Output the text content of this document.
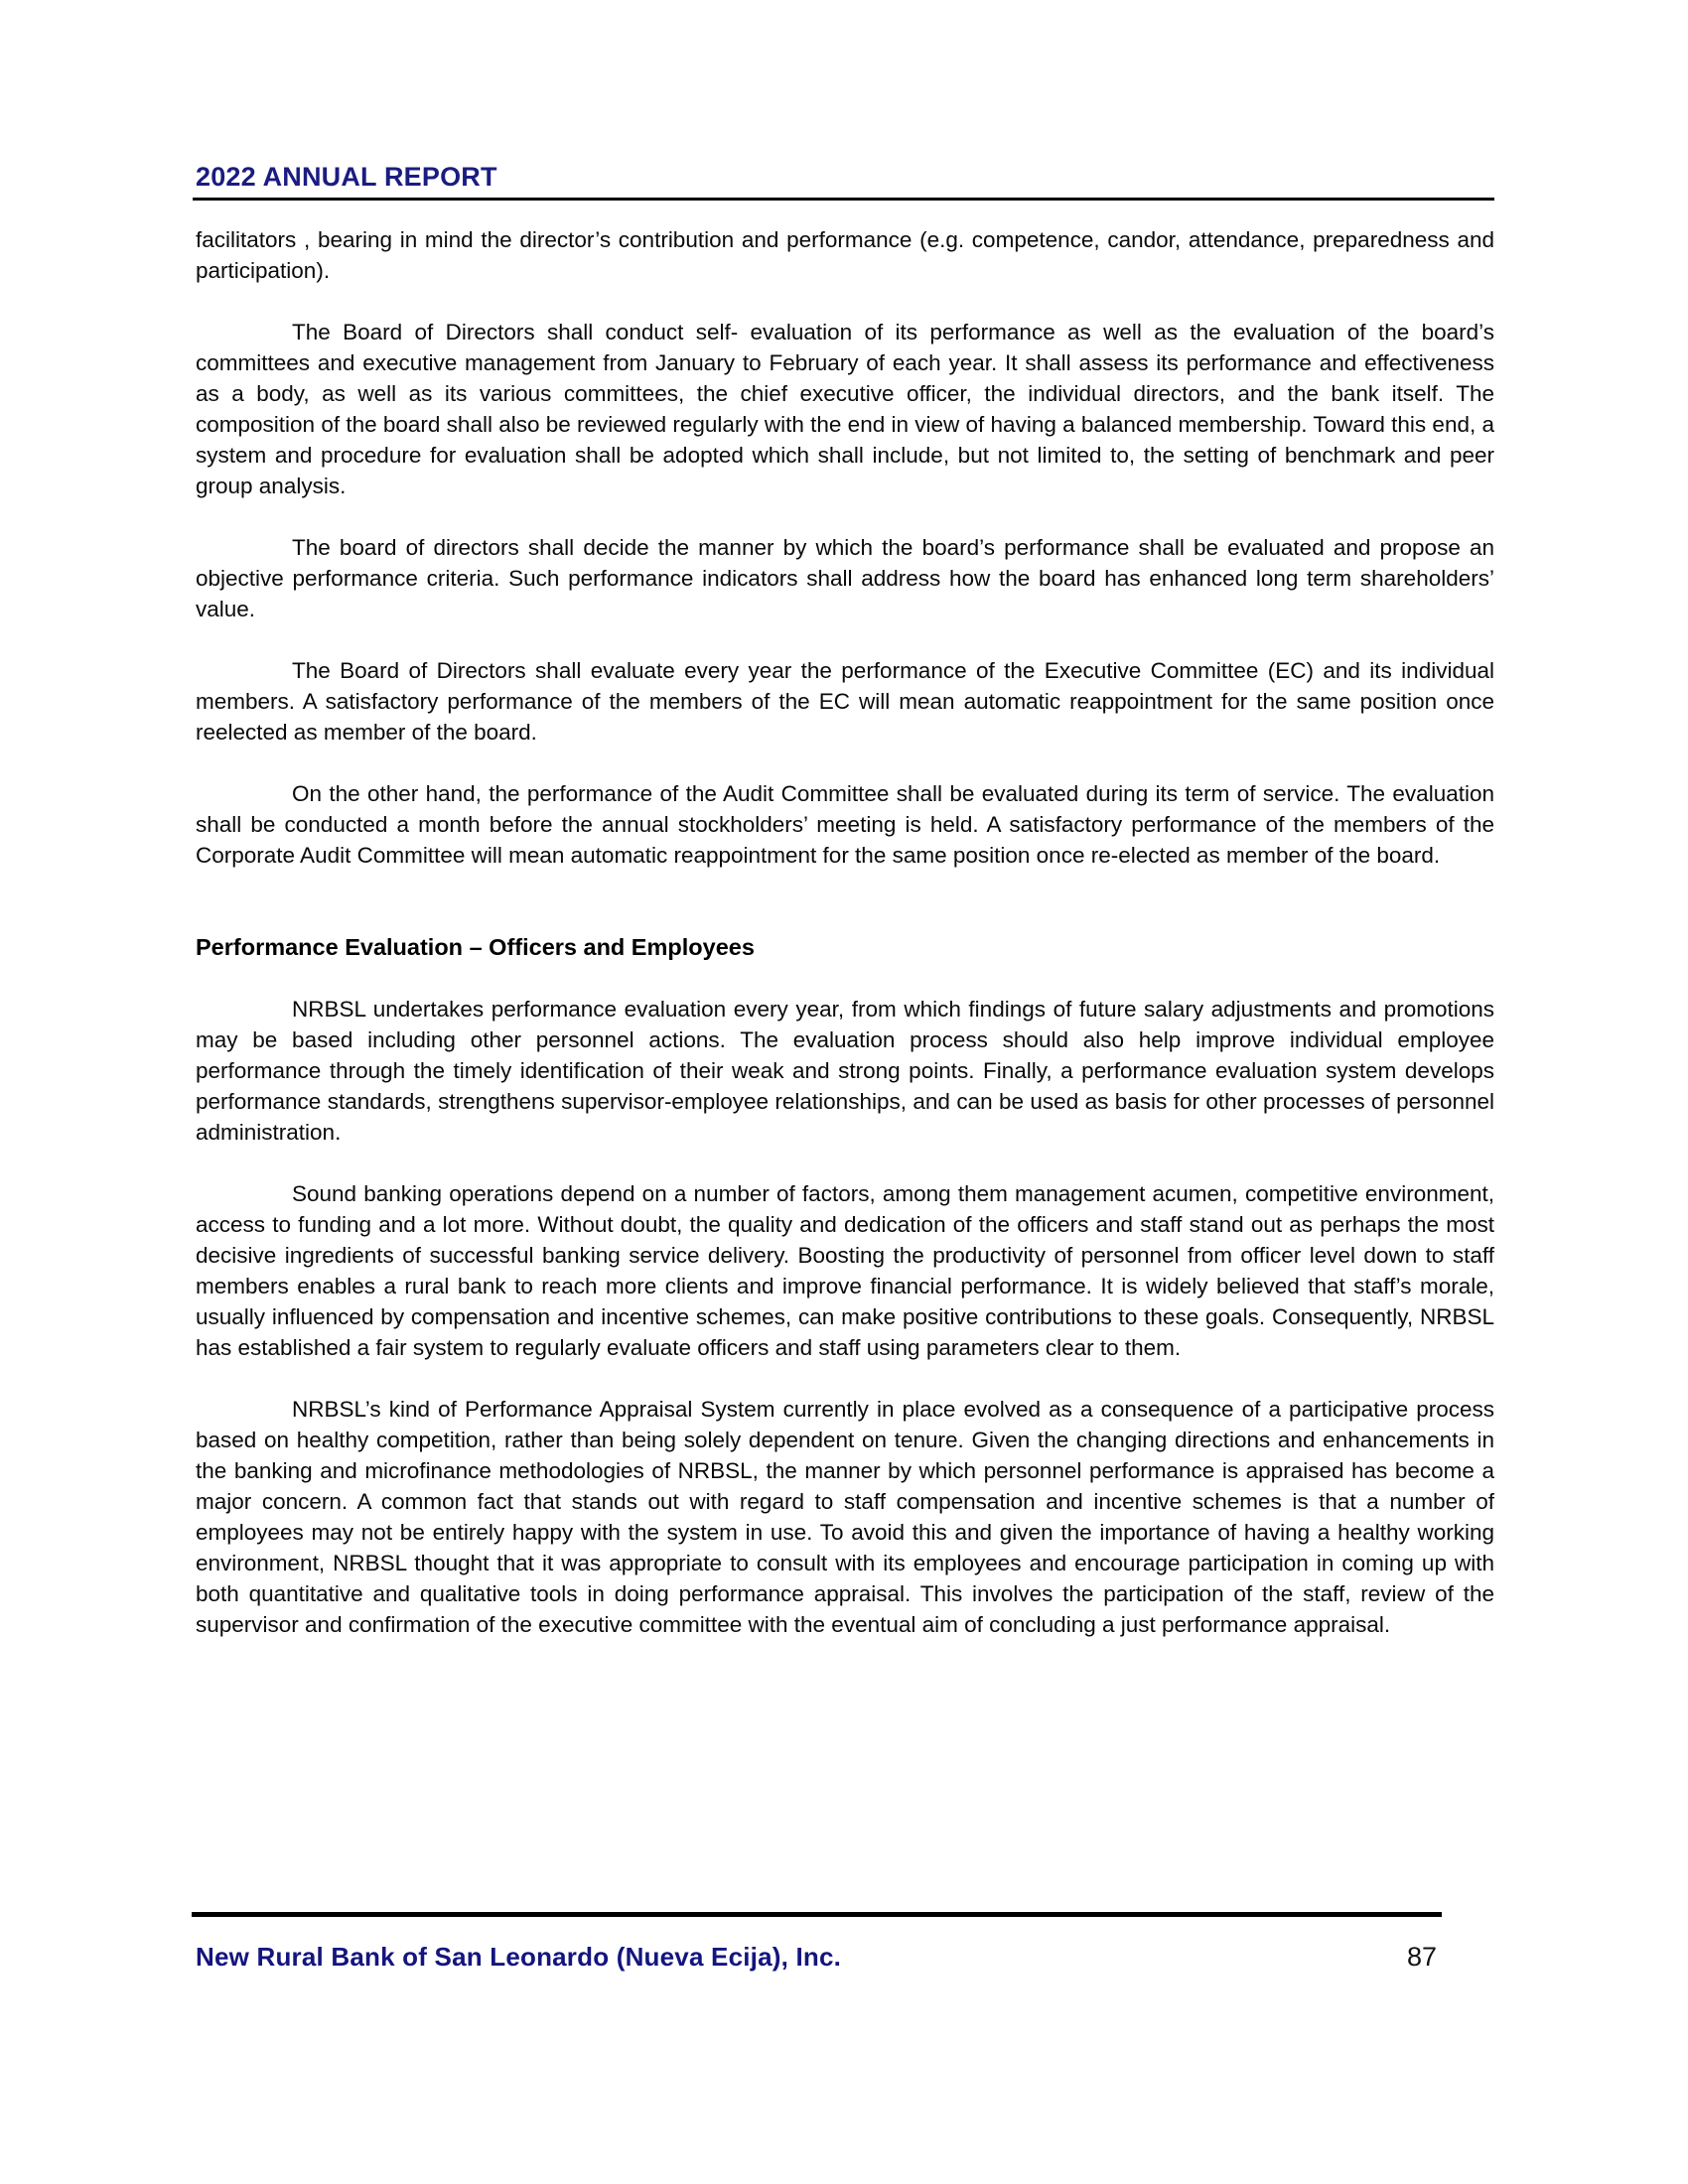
2022 ANNUAL REPORT

facilitators , bearing in mind the director’s contribution and performance (e.g. competence, candor, attendance, preparedness and participation).

The Board of Directors shall conduct self- evaluation of its performance as well as the evaluation of the board’s committees and executive management from January to February of each year. It shall assess its performance and effectiveness as a body, as well as its various committees, the chief executive officer, the individual directors, and the bank itself. The composition of the board shall also be reviewed regularly with the end in view of having a balanced membership. Toward this end, a system and procedure for evaluation shall be adopted which shall include, but not limited to, the setting of benchmark and peer group analysis.

The board of directors shall decide the manner by which the board’s performance shall be evaluated and propose an objective performance criteria. Such performance indicators shall address how the board has enhanced long term shareholders’ value.

The Board of Directors shall evaluate every year the performance of the Executive Committee (EC) and its individual members. A satisfactory performance of the members of the EC will mean automatic reappointment for the same position once reelected as member of the board.

On the other hand, the performance of the Audit Committee shall be evaluated during its term of service. The evaluation shall be conducted a month before the annual stockholders’ meeting is held. A satisfactory performance of the members of the Corporate Audit Committee will mean automatic reappointment for the same position once re-elected as member of the board.

Performance Evaluation – Officers and Employees

NRBSL undertakes performance evaluation every year, from which findings of future salary adjustments and promotions may be based including other personnel actions. The evaluation process should also help improve individual employee performance through the timely identification of their weak and strong points. Finally, a performance evaluation system develops performance standards, strengthens supervisor-employee relationships, and can be used as basis for other processes of personnel administration.

Sound banking operations depend on a number of factors, among them management acumen, competitive environment, access to funding and a lot more. Without doubt, the quality and dedication of the officers and staff stand out as perhaps the most decisive ingredients of successful banking service delivery. Boosting the productivity of personnel from officer level down to staff members enables a rural bank to reach more clients and improve financial performance. It is widely believed that staff’s morale, usually influenced by compensation and incentive schemes, can make positive contributions to these goals. Consequently, NRBSL has established a fair system to regularly evaluate officers and staff using parameters clear to them.

NRBSL’s kind of Performance Appraisal System currently in place evolved as a consequence of a participative process based on healthy competition, rather than being solely dependent on tenure. Given the changing directions and enhancements in the banking and microfinance methodologies of NRBSL, the manner by which personnel performance is appraised has become a major concern. A common fact that stands out with regard to staff compensation and incentive schemes is that a number of employees may not be entirely happy with the system in use. To avoid this and given the importance of having a healthy working environment, NRBSL thought that it was appropriate to consult with its employees and encourage participation in coming up with both quantitative and qualitative tools in doing performance appraisal. This involves the participation of the staff, review of the supervisor and confirmation of the executive committee with the eventual aim of concluding a just performance appraisal.

New Rural Bank of San Leonardo (Nueva Ecija), Inc.	87
